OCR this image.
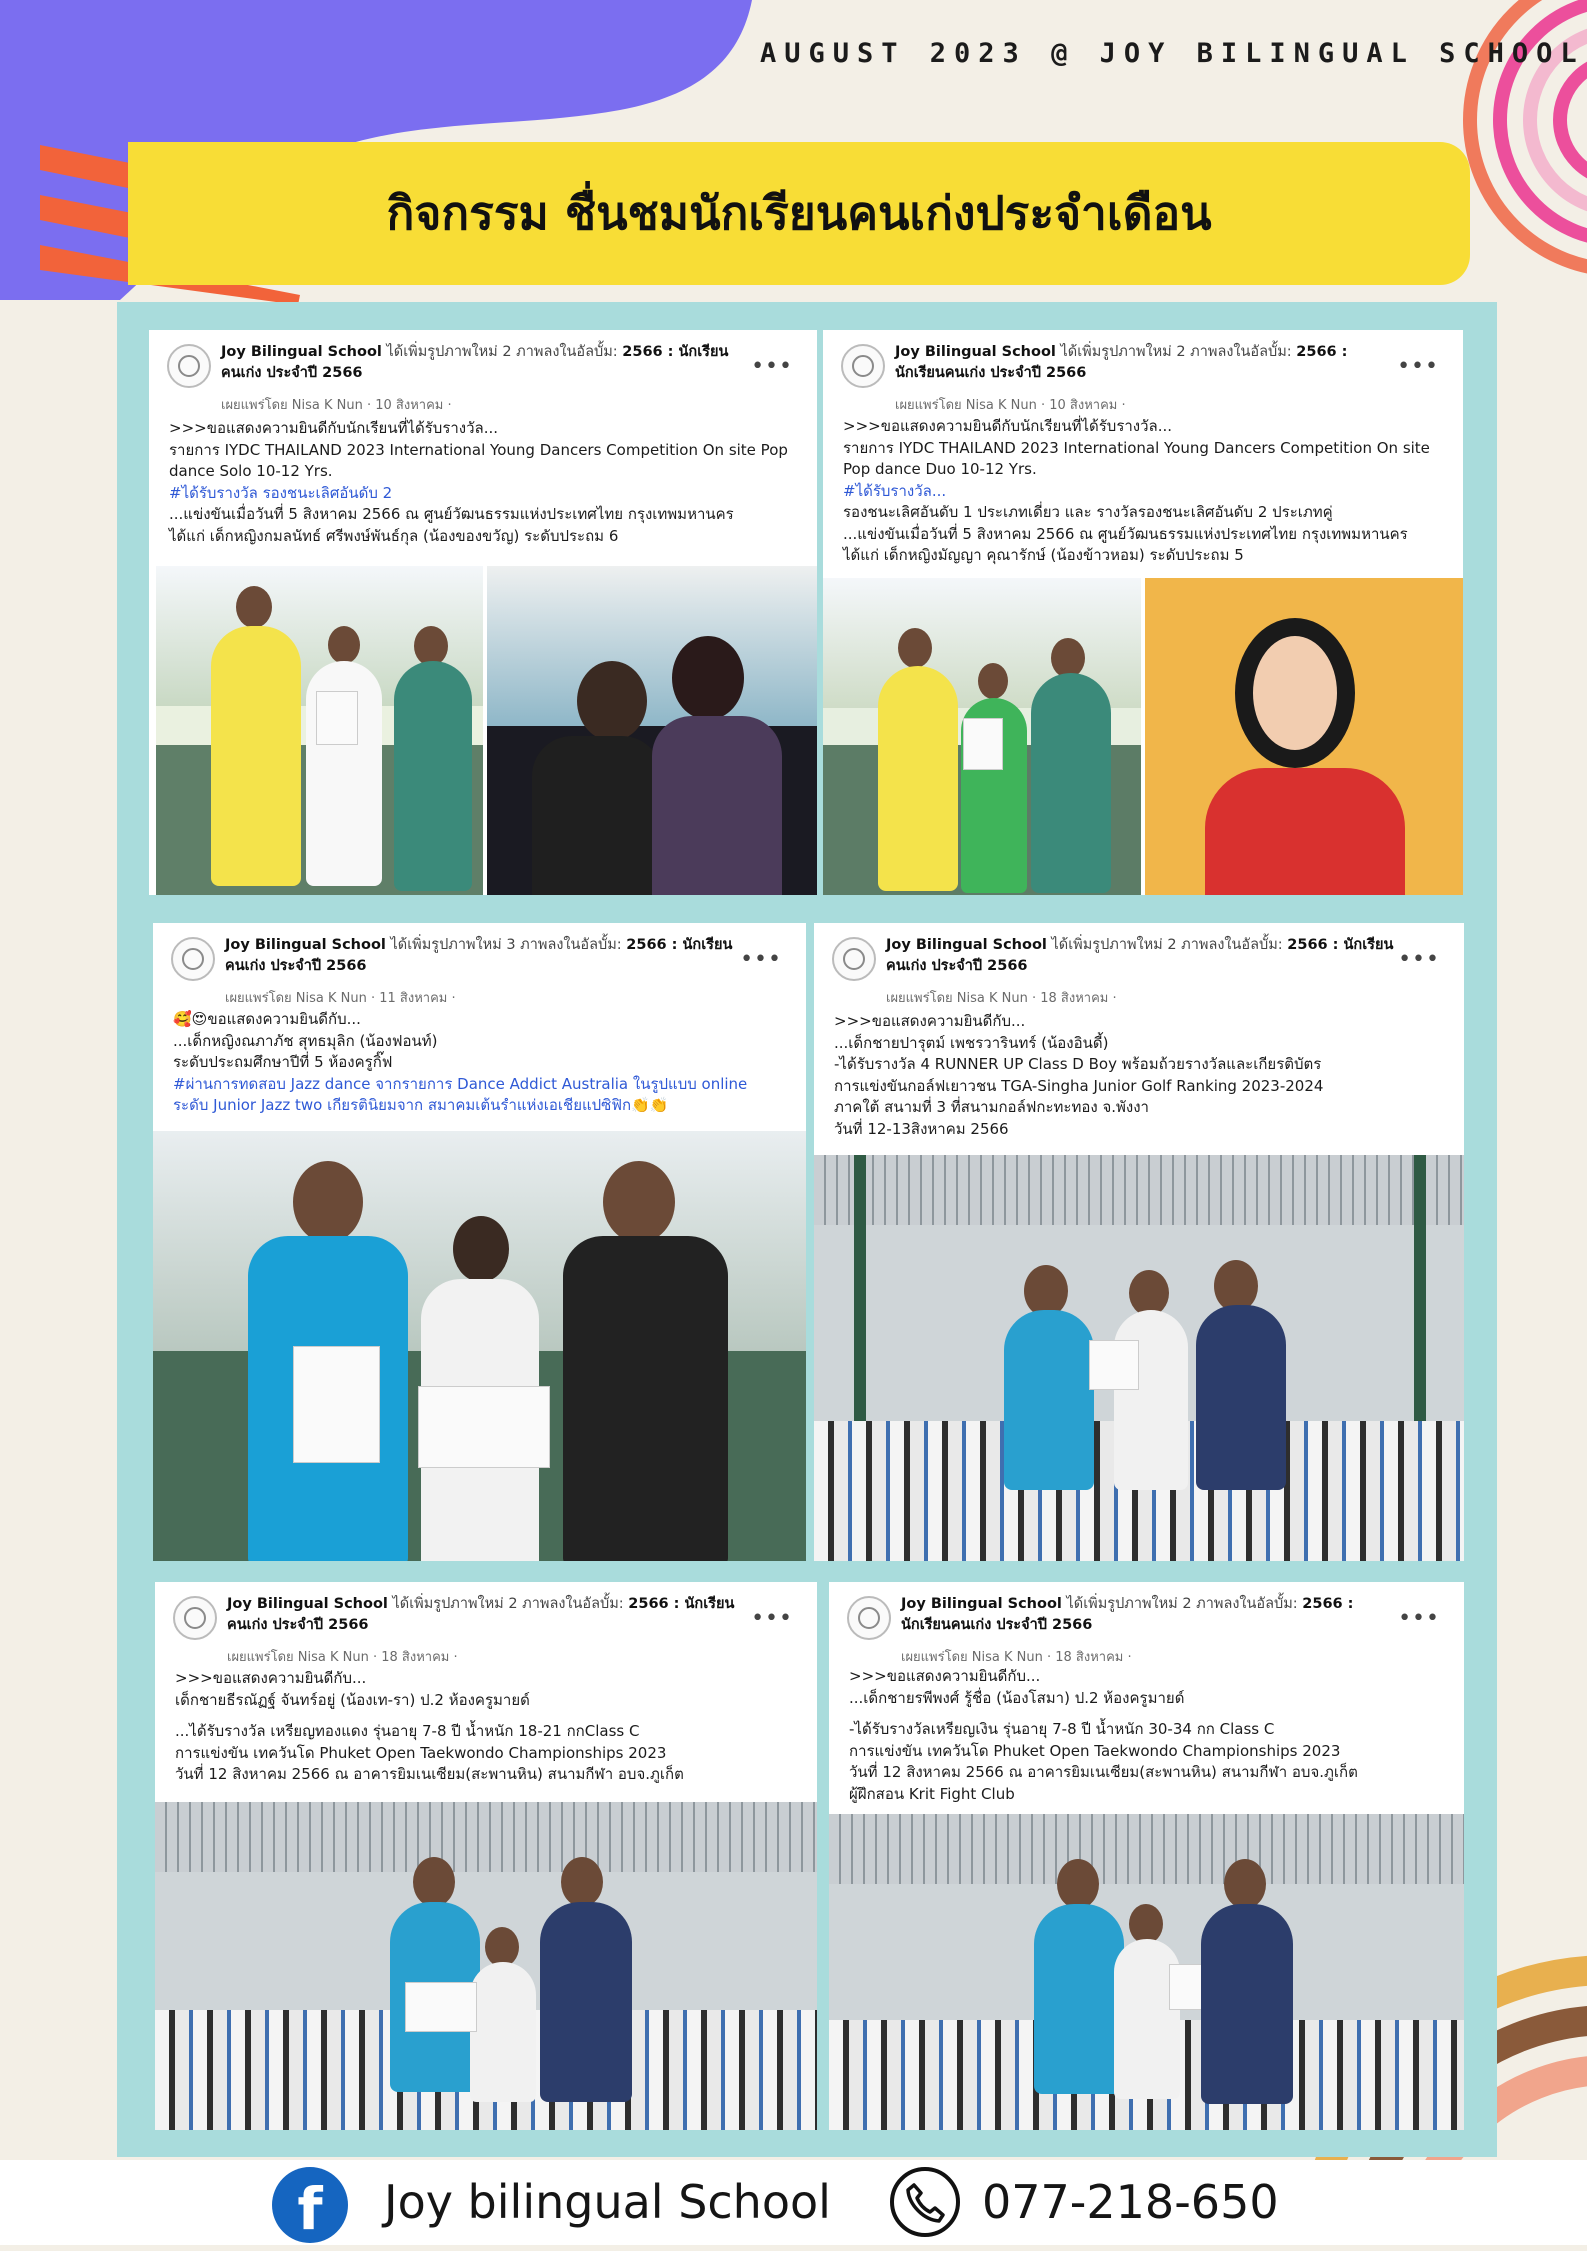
AUGUST 2023 @ JOY BILINGUAL SCHOOL
กิจกรรม ชื่นชมนักเรียนคนเก่งประจำเดือน
Joy Bilingual School ได้เพิ่มรูปภาพใหม่ 2 ภาพลงในอัลบั้ม: 2566 : นักเรียนคนเก่ง ประจำปี 2566
เผยแพร่โดย Nisa K Nun · 10 สิงหาคม ·
•••
>>>ขอแสดงความยินดีกับนักเรียนที่ได้รับรางวัล...
รายการ IYDC THAILAND 2023 International Young Dancers Competition On site Pop dance Solo 10-12 Yrs.
#ได้รับรางวัล รองชนะเลิศอันดับ 2
...แข่งขันเมื่อวันที่ 5 สิงหาคม 2566 ณ ศูนย์วัฒนธรรมแห่งประเทศไทย กรุงเทพมหานคร
ได้แก่ เด็กหญิงกมลนัทธ์ ศรีพงษ์พันธ์กุล (น้องของขวัญ) ระดับประถม 6
Joy Bilingual School ได้เพิ่มรูปภาพใหม่ 2 ภาพลงในอัลบั้ม: 2566 : นักเรียนคนเก่ง ประจำปี 2566
เผยแพร่โดย Nisa K Nun · 10 สิงหาคม ·
•••
>>>ขอแสดงความยินดีกับนักเรียนที่ได้รับรางวัล...
รายการ IYDC THAILAND 2023 International Young Dancers Competition On site Pop dance Duo 10-12 Yrs.
#ได้รับรางวัล...
รองชนะเลิศอันดับ 1 ประเภทเดี่ยว และ รางวัลรองชนะเลิศอันดับ 2 ประเภทคู่
...แข่งขันเมื่อวันที่ 5 สิงหาคม 2566 ณ ศูนย์วัฒนธรรมแห่งประเทศไทย กรุงเทพมหานคร
ได้แก่ เด็กหญิงมัญญา คุณารักษ์ (น้องข้าวหอม) ระดับประถม 5
Joy Bilingual School ได้เพิ่มรูปภาพใหม่ 3 ภาพลงในอัลบั้ม: 2566 : นักเรียนคนเก่ง ประจำปี 2566
เผยแพร่โดย Nisa K Nun · 11 สิงหาคม ·
•••
🥰😍ขอแสดงความยินดีกับ...
...เด็กหญิงณภาภัช สุทธมุลิก (น้องฟอนท์)
ระดับประถมศึกษาปีที่ 5 ห้องครูกิ๊ฟ
#ผ่านการทดสอบ Jazz dance จากรายการ Dance Addict Australia ในรูปแบบ online ระดับ Junior Jazz two เกียรตินิยมจาก สมาคมเต้นรำแห่งเอเชียแปซิฟิก👏👏
Joy Bilingual School ได้เพิ่มรูปภาพใหม่ 2 ภาพลงในอัลบั้ม: 2566 : นักเรียนคนเก่ง ประจำปี 2566
เผยแพร่โดย Nisa K Nun · 18 สิงหาคม ·
•••
>>>ขอแสดงความยินดีกับ...
...เด็กชายปารุตม์ เพชรวารินทร์ (น้องอินดี้)
-ได้รับรางวัล 4 RUNNER UP Class D Boy พร้อมถ้วยรางวัลและเกียรติบัตร
การแข่งขันกอล์ฟเยาวชน TGA-Singha Junior Golf Ranking 2023-2024
ภาคใต้ สนามที่ 3 ที่สนามกอล์ฟกะทะทอง จ.พังงา
วันที่ 12-13สิงหาคม 2566
Joy Bilingual School ได้เพิ่มรูปภาพใหม่ 2 ภาพลงในอัลบั้ม: 2566 : นักเรียนคนเก่ง ประจำปี 2566
เผยแพร่โดย Nisa K Nun · 18 สิงหาคม ·
•••
>>>ขอแสดงความยินดีกับ...
เด็กชายธีรณัฏฐ์ จันทร์อยู่ (น้องเท-รา) ป.2 ห้องครูมายด์
...ได้รับรางวัล เหรียญทองแดง รุ่นอายุ 7-8 ปี น้ำหนัก 18-21 กกClass C
การแข่งขัน เทควันโด Phuket Open Taekwondo Championships 2023
วันที่ 12 สิงหาคม 2566 ณ อาคารยิมเนเซียม(สะพานหิน) สนามกีฬา อบจ.ภูเก็ต
Joy Bilingual School ได้เพิ่มรูปภาพใหม่ 2 ภาพลงในอัลบั้ม: 2566 : นักเรียนคนเก่ง ประจำปี 2566
เผยแพร่โดย Nisa K Nun · 18 สิงหาคม ·
•••
>>>ขอแสดงความยินดีกับ...
...เด็กชายรพีพงศ์ รู้ชื่อ (น้องโสมา) ป.2 ห้องครูมายด์
-ได้รับรางวัลเหรียญเงิน รุ่นอายุ 7-8 ปี น้ำหนัก 30-34 กก Class C
การแข่งขัน เทควันโด Phuket Open Taekwondo Championships 2023
วันที่ 12 สิงหาคม 2566 ณ อาคารยิมเนเซียม(สะพานหิน) สนามกีฬา อบจ.ภูเก็ต
ผู้ฝึกสอน Krit Fight Club
f	Joy bilingual School	077-218-650
